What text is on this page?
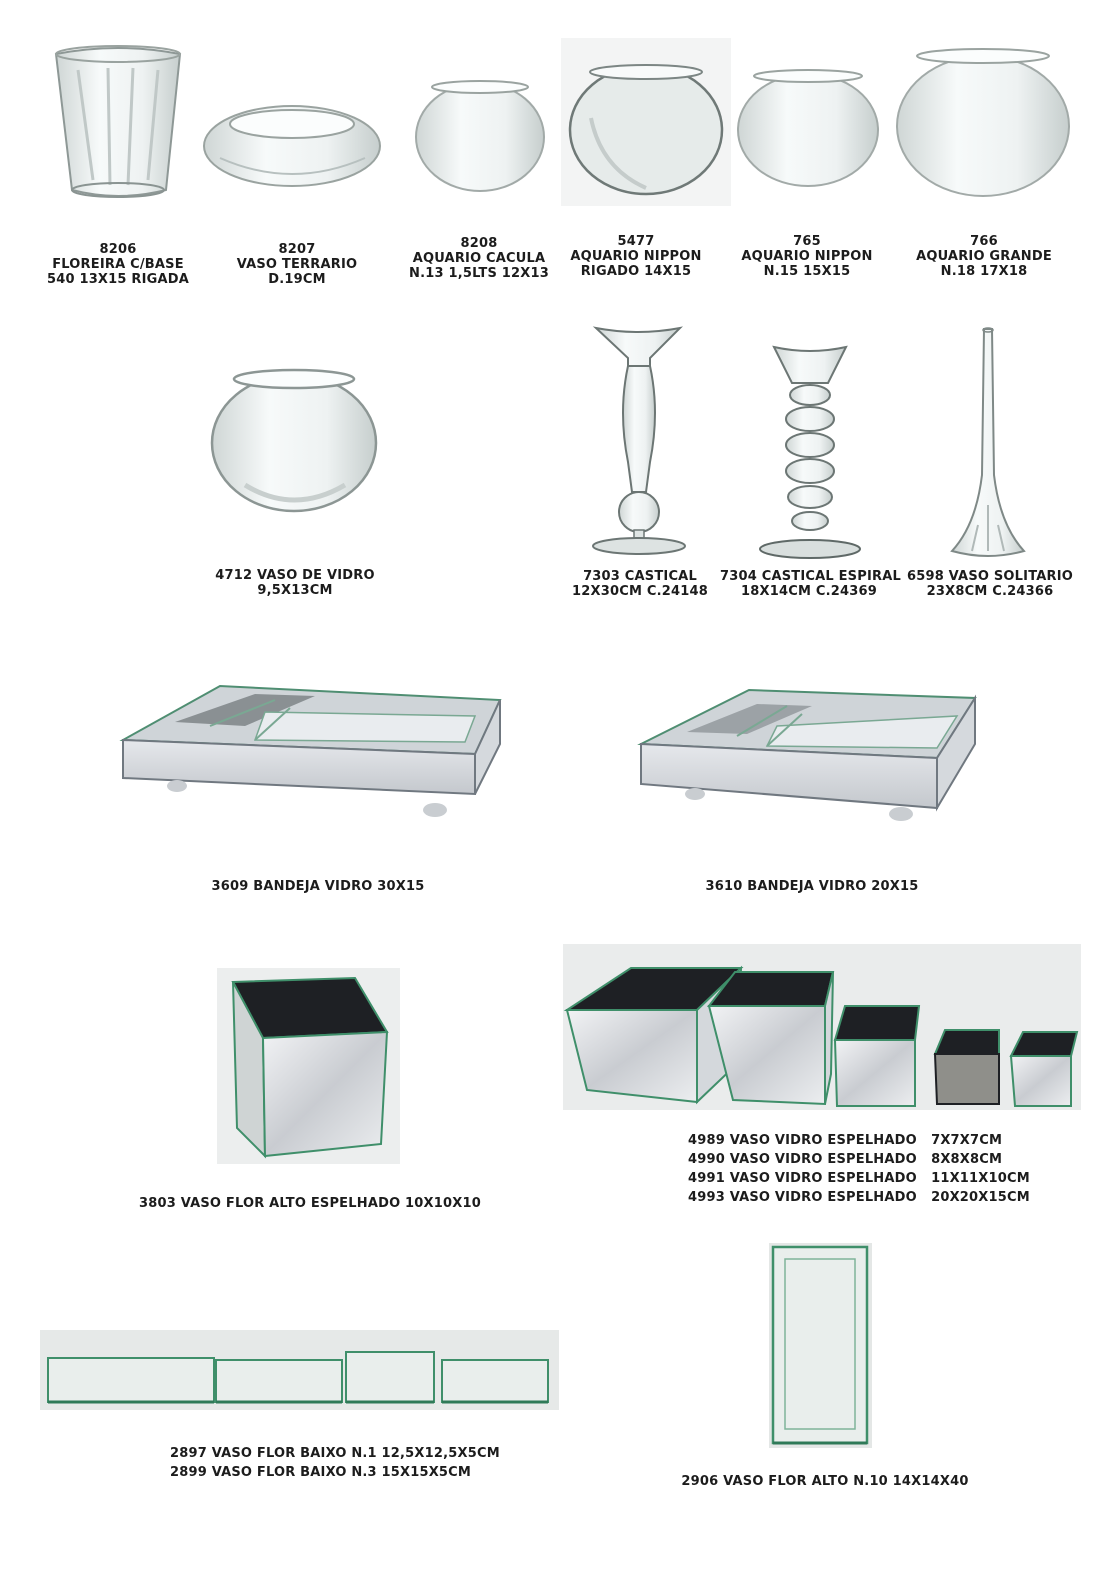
8206
FLOREIRA C/BASE
540 13X15 RIGADA
8207
VASO TERRARIO
D.19CM
8208
AQUARIO CACULA
N.13 1,5LTS 12X13
5477
AQUARIO NIPPON
RIGADO 14X15
765
AQUARIO NIPPON
N.15 15X15
766
AQUARIO GRANDE
N.18 17X18
4712 VASO DE VIDRO
9,5X13CM
7303 CASTICAL
12X30CM C.24148
7304 CASTICAL ESPIRAL
18X14CM C.24369
6598 VASO SOLITARIO
23X8CM C.24366
3609 BANDEJA VIDRO 30X15	3610 BANDEJA VIDRO 20X15
3803 VASO FLOR ALTO ESPELHADO 10X10X10
4989 VASO VIDRO ESPELHADO 7X7X7CM
4990 VASO VIDRO ESPELHADO 8X8X8CM
4991 VASO VIDRO ESPELHADO 11X11X10CM
4993 VASO VIDRO ESPELHADO 20X20X15CM
2897 VASO FLOR BAIXO N.1 12,5X12,5X5CM
2899 VASO FLOR BAIXO N.3 15X15X5CM
2906 VASO FLOR ALTO N.10 14X14X40
